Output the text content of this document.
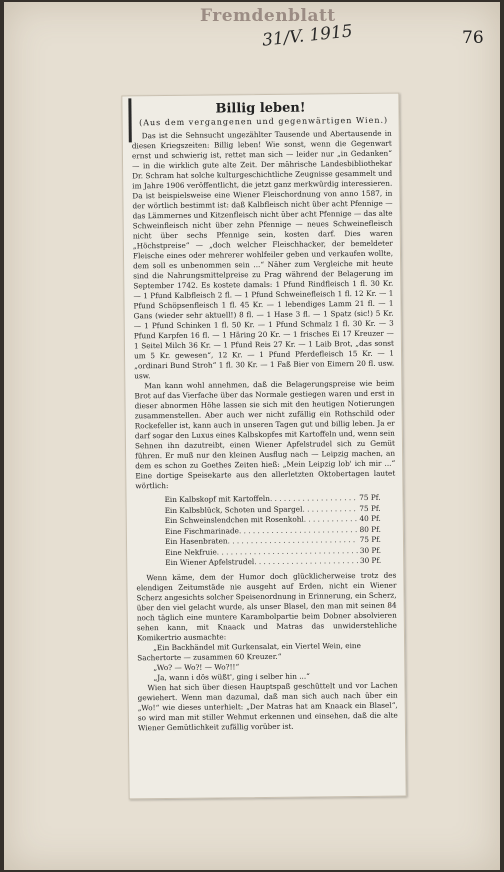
Fremdenblatt
31/V. 1915	76
Billig leben!
(Aus dem vergangenen und gegenwärtigen Wien.)

Das ist die Sehnsucht ungezählter Tausende und Abertausende in diesen Kriegszeiten: Billig leben! Wie sonst, wenn die Gegenwart ernst und schwierig ist, rettet man sich — leider nur „in Gedanken“ — in die wirklich gute alte Zeit. Der mährische Landesbibliothekar Dr. Schram hat solche kulturgeschichtliche Zeugnisse gesammelt und im Jahre 1906 veröffentlicht, die jetzt ganz merkwürdig interessieren. Da ist beispielsweise eine Wiener Fleischordnung von anno 1587, in der wörtlich bestimmt ist: daß Kalbfleisch nicht über acht Pfennige — das Lämmernes und Kitzenfleisch nicht über acht Pfennige — das alte Schweinfleisch nicht über zehn Pfennige — neues Schweinefleisch nicht über sechs Pfennige sein, kosten darf. Dies waren „Höchstpreise“ — „doch welcher Fleischhacker, der bemeldeter Fleische eines oder mehrerer wohlfeiler geben und verkaufen wollte, dem soll es unbenommen sein ...“ Näher zum Vergleiche mit heute sind die Nahrungsmittelpreise zu Prag während der Belagerung im September 1742. Es kostete damals: 1 Pfund Rindfleisch 1 fl. 30 Kr. — 1 Pfund Kalbfleisch 2 fl. — 1 Pfund Schweinefleisch 1 fl. 12 Kr. — 1 Pfund Schöpsenfleisch 1 fl. 45 Kr. — 1 lebendiges Lamm 21 fl. — 1 Gans (wieder sehr aktuell!) 8 fl. — 1 Hase 3 fl. — 1 Spatz (sic!) 5 Kr. — 1 Pfund Schinken 1 fl. 50 Kr. — 1 Pfund Schmalz 1 fl. 30 Kr. — 3 Pfund Karpfen 16 fl. — 1 Häring 20 Kr. — 1 frisches Ei 17 Kreuzer — 1 Seitel Milch 36 Kr. — 1 Pfund Reis 27 Kr. — 1 Laib Brot, „das sonst um 5 Kr. gewesen“, 12 Kr. — 1 Pfund Pferdefleisch 15 Kr. — 1 „ordinari Bund Stroh“ 1 fl. 30 Kr. — 1 Faß Bier von Eimern 20 fl. usw. usw.

Man kann wohl annehmen, daß die Belagerungspreise wie beim Brot auf das Vierfache über das Normale gestiegen waren und erst in dieser abnormen Höhe lassen sie sich mit den heutigen Notierungen zusammenstellen. Aber auch wer nicht zufällig ein Rothschild oder Rockefeller ist, kann auch in unseren Tagen gut und billig leben. Ja er darf sogar den Luxus eines Kalbskopfes mit Kartoffeln und, wenn sein Sehnen ihn dazutreibt, einen Wiener Apfelstrudel sich zu Gemüt führen. Er muß nur den kleinen Ausflug nach — Leipzig machen, an dem es schon zu Goethes Zeiten hieß: „Mein Leipzig lob' ich mir ...“ Eine dortige Speisekarte aus den allerletzten Oktobertagen lautet wörtlich:

Ein Kalbskopf mit Kartoffeln . . .	75 Pf.
Ein Kalbsblück, Schoten und Spargel . . .	75 Pf.
Ein Schweinslendchen mit Rosenkohl . . .	40 Pf.
Eine Fischmarinade . . .	80 Pf.
Ein Hasenbraten . . .	75 Pf.
Eine Nekfruie . . .	30 Pf.
Ein Wiener Apfelstrudel . . .	30 Pf.

Wenn käme, dem der Humor doch glücklicherweise trotz des elendigen Zeitumstäde nie ausgeht auf Erden, nicht ein Wiener Scherz angesichts solcher Speisenordnung in Erinnerung, ein Scherz, über den viel gelacht wurde, als unser Blasel, den man mit seinen 84 noch täglich eine muntere Karambolpartie beim Dobner absolvieren sehen kann, mit Knaack und Matras das unwiderstehliche Komikertrio ausmachte:

„Ein Backhändel mit Gurkensalat, ein Viertel Wein, eine Sachertorte — zusammen 60 Kreuzer.“

„Wo? — Wo?! — Wo?!!“

„Ja, wann i dös wüßt', ging i selber hin ...“

Wien hat sich über diesen Hauptspaß geschüttelt und vor Lachen gewiehert. Wenn man dazumal, daß man sich auch nach über ein „Wo!“ wie dieses unterhielt: „Der Matras hat am Knaack ein Blasel“, so wird man mit stiller Wehmut erkennen und einsehen, daß die alte Wiener Gemütlichkeit zufällig vorüber ist.
